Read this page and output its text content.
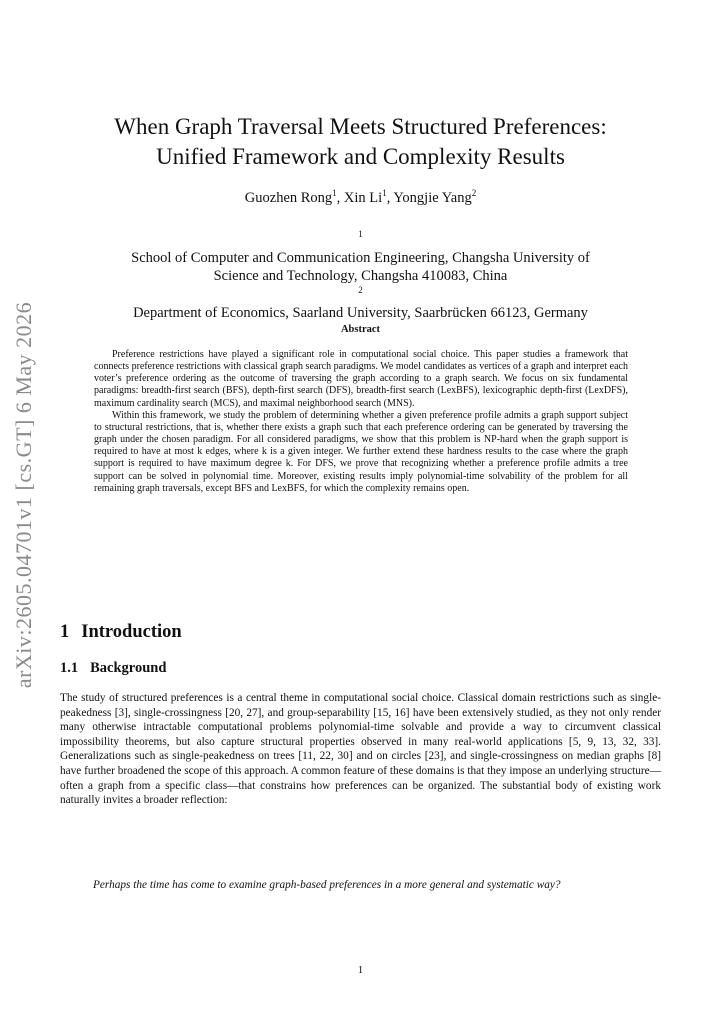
arXiv:2605.04701v1 [cs.GT] 6 May 2026
When Graph Traversal Meets Structured Preferences:
Unified Framework and Complexity Results
Guozhen Rong$^1$, Xin Li$^1$, Yongjie Yang$^2$
$^1$
School of Computer and Communication Engineering, Changsha University of
Science and Technology, Changsha 410083, China
$^2$
Department of Economics, Saarland University, Saarbrücken 66123, Germany
Abstract

Preference restrictions have played a significant role in computational social choice. This paper studies a framework that connects preference restrictions with classical graph search paradigms. We model candidates as vertices of a graph and interpret each voter’s preference ordering as the outcome of traversing the graph according to a graph search. We focus on six fundamental paradigms: breadth-first search (BFS), depth-first search (DFS), breadth-first search (LexBFS), lexicographic depth-first (LexDFS), maximum cardinality search (MCS), and maximal neighborhood search (MNS).

Within this framework, we study the problem of determining whether a given preference profile admits a graph support subject to structural restrictions, that is, whether there exists a graph such that each preference ordering can be generated by traversing the graph under the chosen paradigm. For all considered paradigms, we show that this problem is NP-hard when the graph support is required to have at most k edges, where k is a given integer. We further extend these hardness results to the case where the graph support is required to have maximum degree k. For DFS, we prove that recognizing whether a preference profile admits a tree support can be solved in polynomial time. Moreover, existing results imply polynomial-time solvability of the problem for all remaining graph traversals, except BFS and LexBFS, for which the complexity remains open.

1 Introduction
1.1 Background

The study of structured preferences is a central theme in computational social choice. Classical domain restrictions such as single-peakedness [3], single-crossingness [20, 27], and group-separability [15, 16] have been extensively studied, as they not only render many otherwise intractable computational problems polynomial-time solvable and provide a way to circumvent classical impossibility theorems, but also capture structural properties observed in many real-world applications [5, 9, 13, 32, 33]. Generalizations such as single-peakedness on trees [11, 22, 30] and on circles [23], and single-crossingness on median graphs [8] have further broadened the scope of this approach. A common feature of these domains is that they impose an underlying structure—often a graph from a specific class—that constrains how preferences can be organized. The substantial body of existing work naturally invites a broader reflection:

Perhaps the time has come to examine graph-based preferences in a more general and systematic way?

1
